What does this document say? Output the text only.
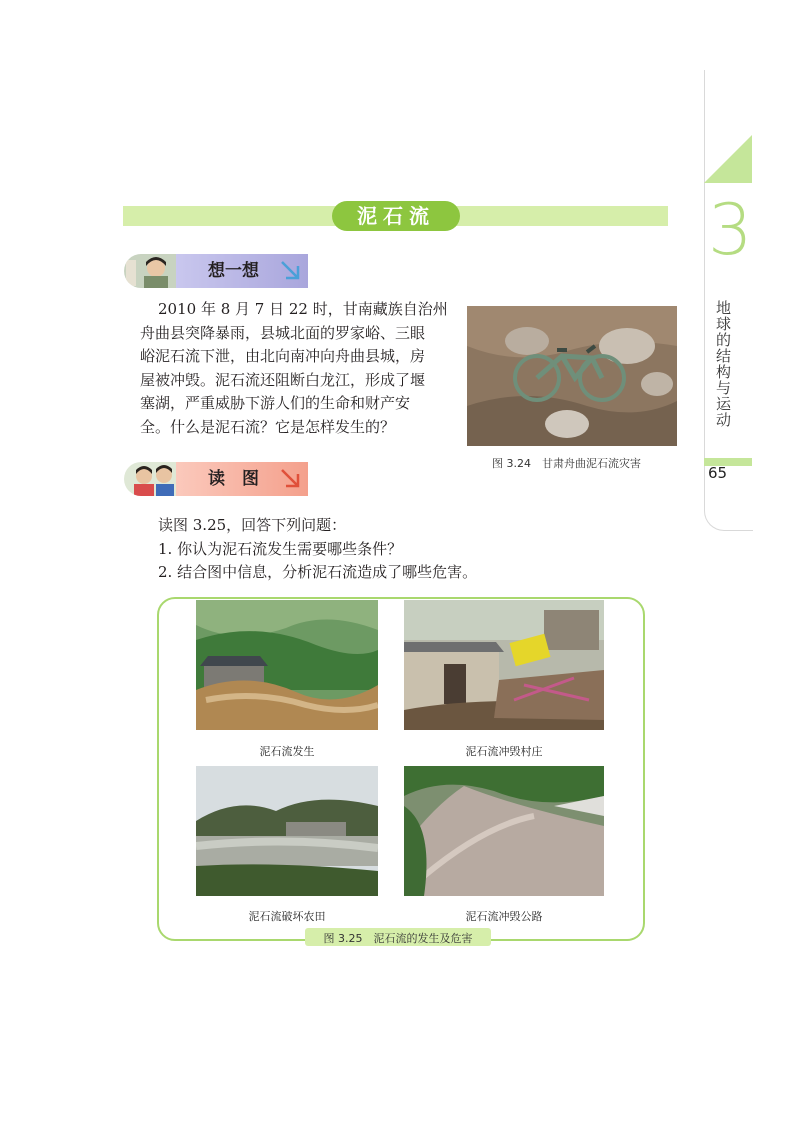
3
地球的结构与运动
65
泥石流
想一想
2010 年 8 月 7 日 22 时，甘南藏族自治州
舟曲县突降暴雨，县城北面的罗家峪、三眼
峪泥石流下泄，由北向南冲向舟曲县城，房
屋被冲毁。泥石流还阻断白龙江，形成了堰
塞湖，严重威胁下游人们的生命和财产安
全。什么是泥石流？它是怎样发生的？
图 3.24　甘肃舟曲泥石流灾害
读　图
读图 3.25，回答下列问题：
1. 你认为泥石流发生需要哪些条件？
2. 结合图中信息，分析泥石流造成了哪些危害。
泥石流发生	泥石流冲毁村庄
泥石流破坏农田	泥石流冲毁公路
图 3.25　泥石流的发生及危害
